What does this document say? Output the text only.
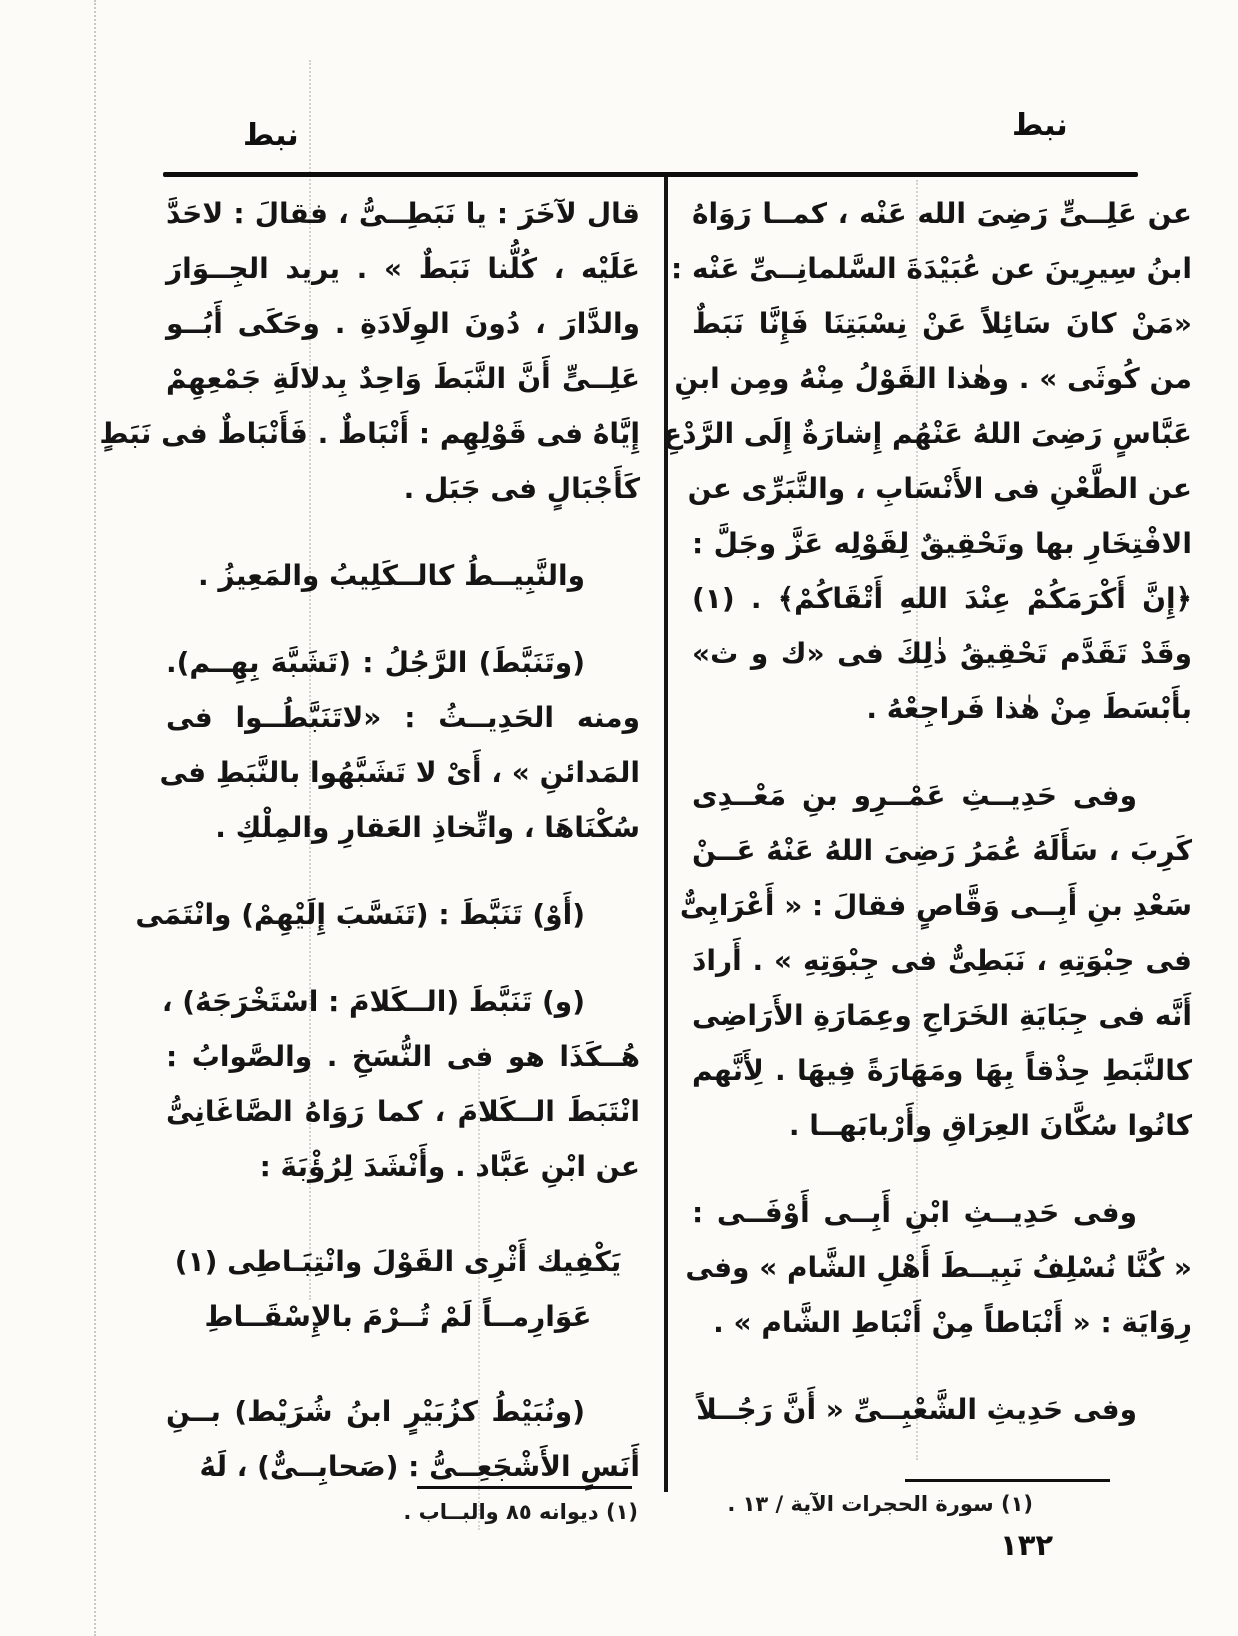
نبط
نبط
عن عَلِــىٍّ رَضِىَ الله عَنْه ، كمــا رَوَاهُ
ابنُ سِيرِينَ عن عُبَيْدَةَ السَّلمانِــىِّ عَنْه :
«مَنْ كانَ سَائِلاً عَنْ نِسْبَتِنَا فَإِنَّا نَبَطٌ
من كُوثَى » . وهٰذا القَوْلُ مِنْهُ ومِن ابنِ
عَبَّاسٍ رَضِىَ اللهُ عَنْهُم إِشارَةٌ إِلَى الرَّدْعِ
عن الطَّعْنِ فى الأَنْسَابِ ، والتَّبَرِّى عن
الافْتِخَارِ بها وتَحْقِيقٌ لِقَوْلِه عَزَّ وجَلَّ :
﴿إِنَّ أَكْرَمَكُمْ عِنْدَ اللهِ أَتْقَاكُمْ﴾ . (١)
وقَدْ تَقَدَّم تَحْقِيقُ ذٰلِكَ فى «ك و ث»
بأَبْسَطَ مِنْ هٰذا فَراجِعْهُ .
وفى حَدِيــثِ عَمْــرِو بنِ مَعْــدِى
كَرِبَ ، سَأَلَهُ عُمَرُ رَضِىَ اللهُ عَنْهُ عَــنْ
سَعْدِ بنِ أَبِــى وَقَّاصٍ فقالَ : « أَعْرَابِىٌّ
فى حِبْوَتِهِ ، نَبَطِىٌّ فى جِبْوَتِهِ » . أَرادَ
أَنَّه فى جِبَايَةِ الخَرَاجِ وعِمَارَةِ الأَرَاضِى
كالنَّبَطِ حِذْقاً بِهَا ومَهَارَةً فِيهَا . لِأَنَّهم
كانُوا سُكَّانَ العِرَاقِ وأَرْبابَهــا .
وفى حَدِيــثِ ابْنِ أَبِــى أَوْفَــى :
« كُنَّا نُسْلِفُ نَبِيــطَ أَهْلِ الشَّام » وفى
رِوَايَة : « أَنْبَاطاً مِنْ أَنْبَاطِ الشَّام » .
وفى حَدِيثِ الشَّعْبِــىِّ « أَنَّ رَجُــلاً
قال لآخَرَ : يا نَبَطِــىُّ ، فقالَ : لاحَدَّ
عَلَيْه ، كُلُّنا نَبَطٌ » . يريد الجِــوَارَ
والدَّارَ ، دُونَ الوِلَادَةِ . وحَكَى أَبُــو
عَلِــىٍّ أَنَّ النَّبَطَ وَاحِدٌ بِدلالَةِ جَمْعِهِمْ
إِيَّاهُ فى قَوْلِهِم : أَنْبَاطٌ . فَأَنْبَاطٌ فى نَبَطٍ
كَأَجْبَالٍ فى جَبَل .
والنَّبِيــطُ كالــكَلِيبُ والمَعِيزُ .
(وتَنَبَّطَ) الرَّجُلُ : (تَشَبَّهَ بِهِــم).
ومنه الحَدِيــثُ : «لاتَنَبَّطُــوا فى
المَدائنِ » ، أَىْ لا تَشَبَّهُوا بالنَّبَطِ فى
سُكْنَاهَا ، واتِّخاذِ العَقارِ والمِلْكِ .
(أَوْ) تَنَبَّطَ : (تَنَسَّبَ إِلَيْهِمْ) وانْتَمَى
(و) تَنَبَّطَ (الــكَلامَ : اسْتَخْرَجَهُ) ،
هُــكَذَا هو فى النُّسَخِ . والصَّوابُ :
انْتَبَطَ الــكَلامَ ، كما رَوَاهُ الصَّاغَانِىُّ
عن ابْنِ عَبَّاد . وأَنْشَدَ لِرُؤْبَةَ :
يَكْفِيك أَثْرِى القَوْلَ وانْتِبَـاطِى (١)
عَوَارِمــاً لَمْ تُــرْمَ بالإِسْقَــاطِ
(ونُبَيْطُ كزُبَيْرٍ ابنُ شُرَيْط) بــنِ
أَنَسٍ الأَشْجَعِــىُّ : (صَحابِــىٌّ) ، لَهُ
(١) سورة الحجرات الآية / ١٣ .
(١) ديوانه ٨٥ والبــاب .
١٣٢
